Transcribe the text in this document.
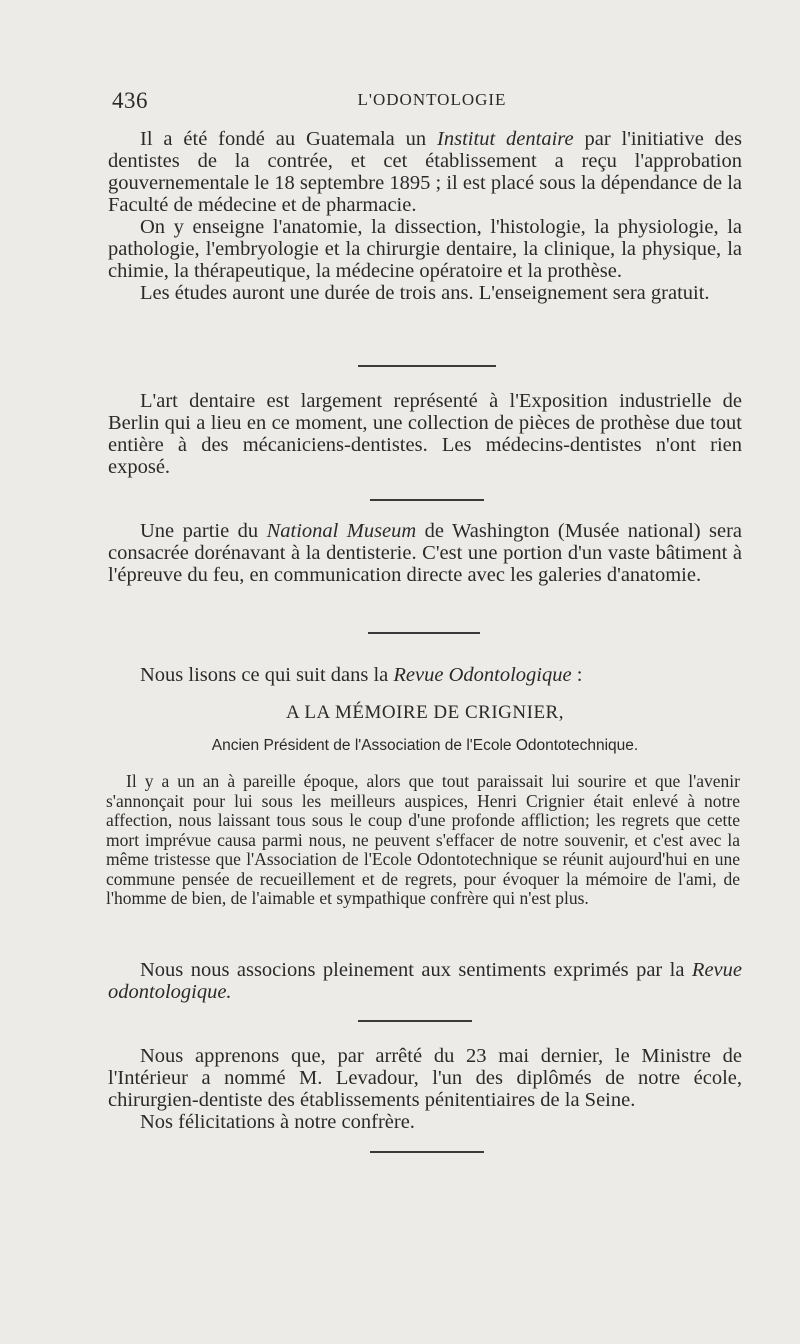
436	L'ODONTOLOGIE

Il a été fondé au Guatemala un Institut dentaire par l'initiative des dentistes de la contrée, et cet établissement a reçu l'approbation gouvernementale le 18 septembre 1895 ; il est placé sous la dépendance de la Faculté de médecine et de pharmacie.

On y enseigne l'anatomie, la dissection, l'histologie, la physiologie, la pathologie, l'embryologie et la chirurgie dentaire, la clinique, la physique, la chimie, la thérapeutique, la médecine opératoire et la prothèse.

Les études auront une durée de trois ans. L'enseignement sera gratuit.

L'art dentaire est largement représenté à l'Exposition industrielle de Berlin qui a lieu en ce moment, une collection de pièces de prothèse due tout entière à des mécaniciens-dentistes. Les médecins-dentistes n'ont rien exposé.

Une partie du National Museum de Washington (Musée national) sera consacrée dorénavant à la dentisterie. C'est une portion d'un vaste bâtiment à l'épreuve du feu, en communication directe avec les galeries d'anatomie.

Nous lisons ce qui suit dans la Revue Odontologique :

A LA MÉMOIRE DE CRIGNIER,
Ancien Président de l'Association de l'Ecole Odontotechnique.

Il y a un an à pareille époque, alors que tout paraissait lui sourire et que l'avenir s'annonçait pour lui sous les meilleurs auspices, Henri Crignier était enlevé à notre affection, nous laissant tous sous le coup d'une profonde affliction; les regrets que cette mort imprévue causa parmi nous, ne peuvent s'effacer de notre souvenir, et c'est avec la même tristesse que l'Association de l'Ecole Odontotechnique se réunit aujourd'hui en une commune pensée de recueillement et de regrets, pour évoquer la mémoire de l'ami, de l'homme de bien, de l'aimable et sympathique confrère qui n'est plus.

Nous nous associons pleinement aux sentiments exprimés par la Revue odontologique.

Nous apprenons que, par arrêté du 23 mai dernier, le Ministre de l'Intérieur a nommé M. Levadour, l'un des diplômés de notre école, chirurgien-dentiste des établissements pénitentiaires de la Seine.

Nos félicitations à notre confrère.
